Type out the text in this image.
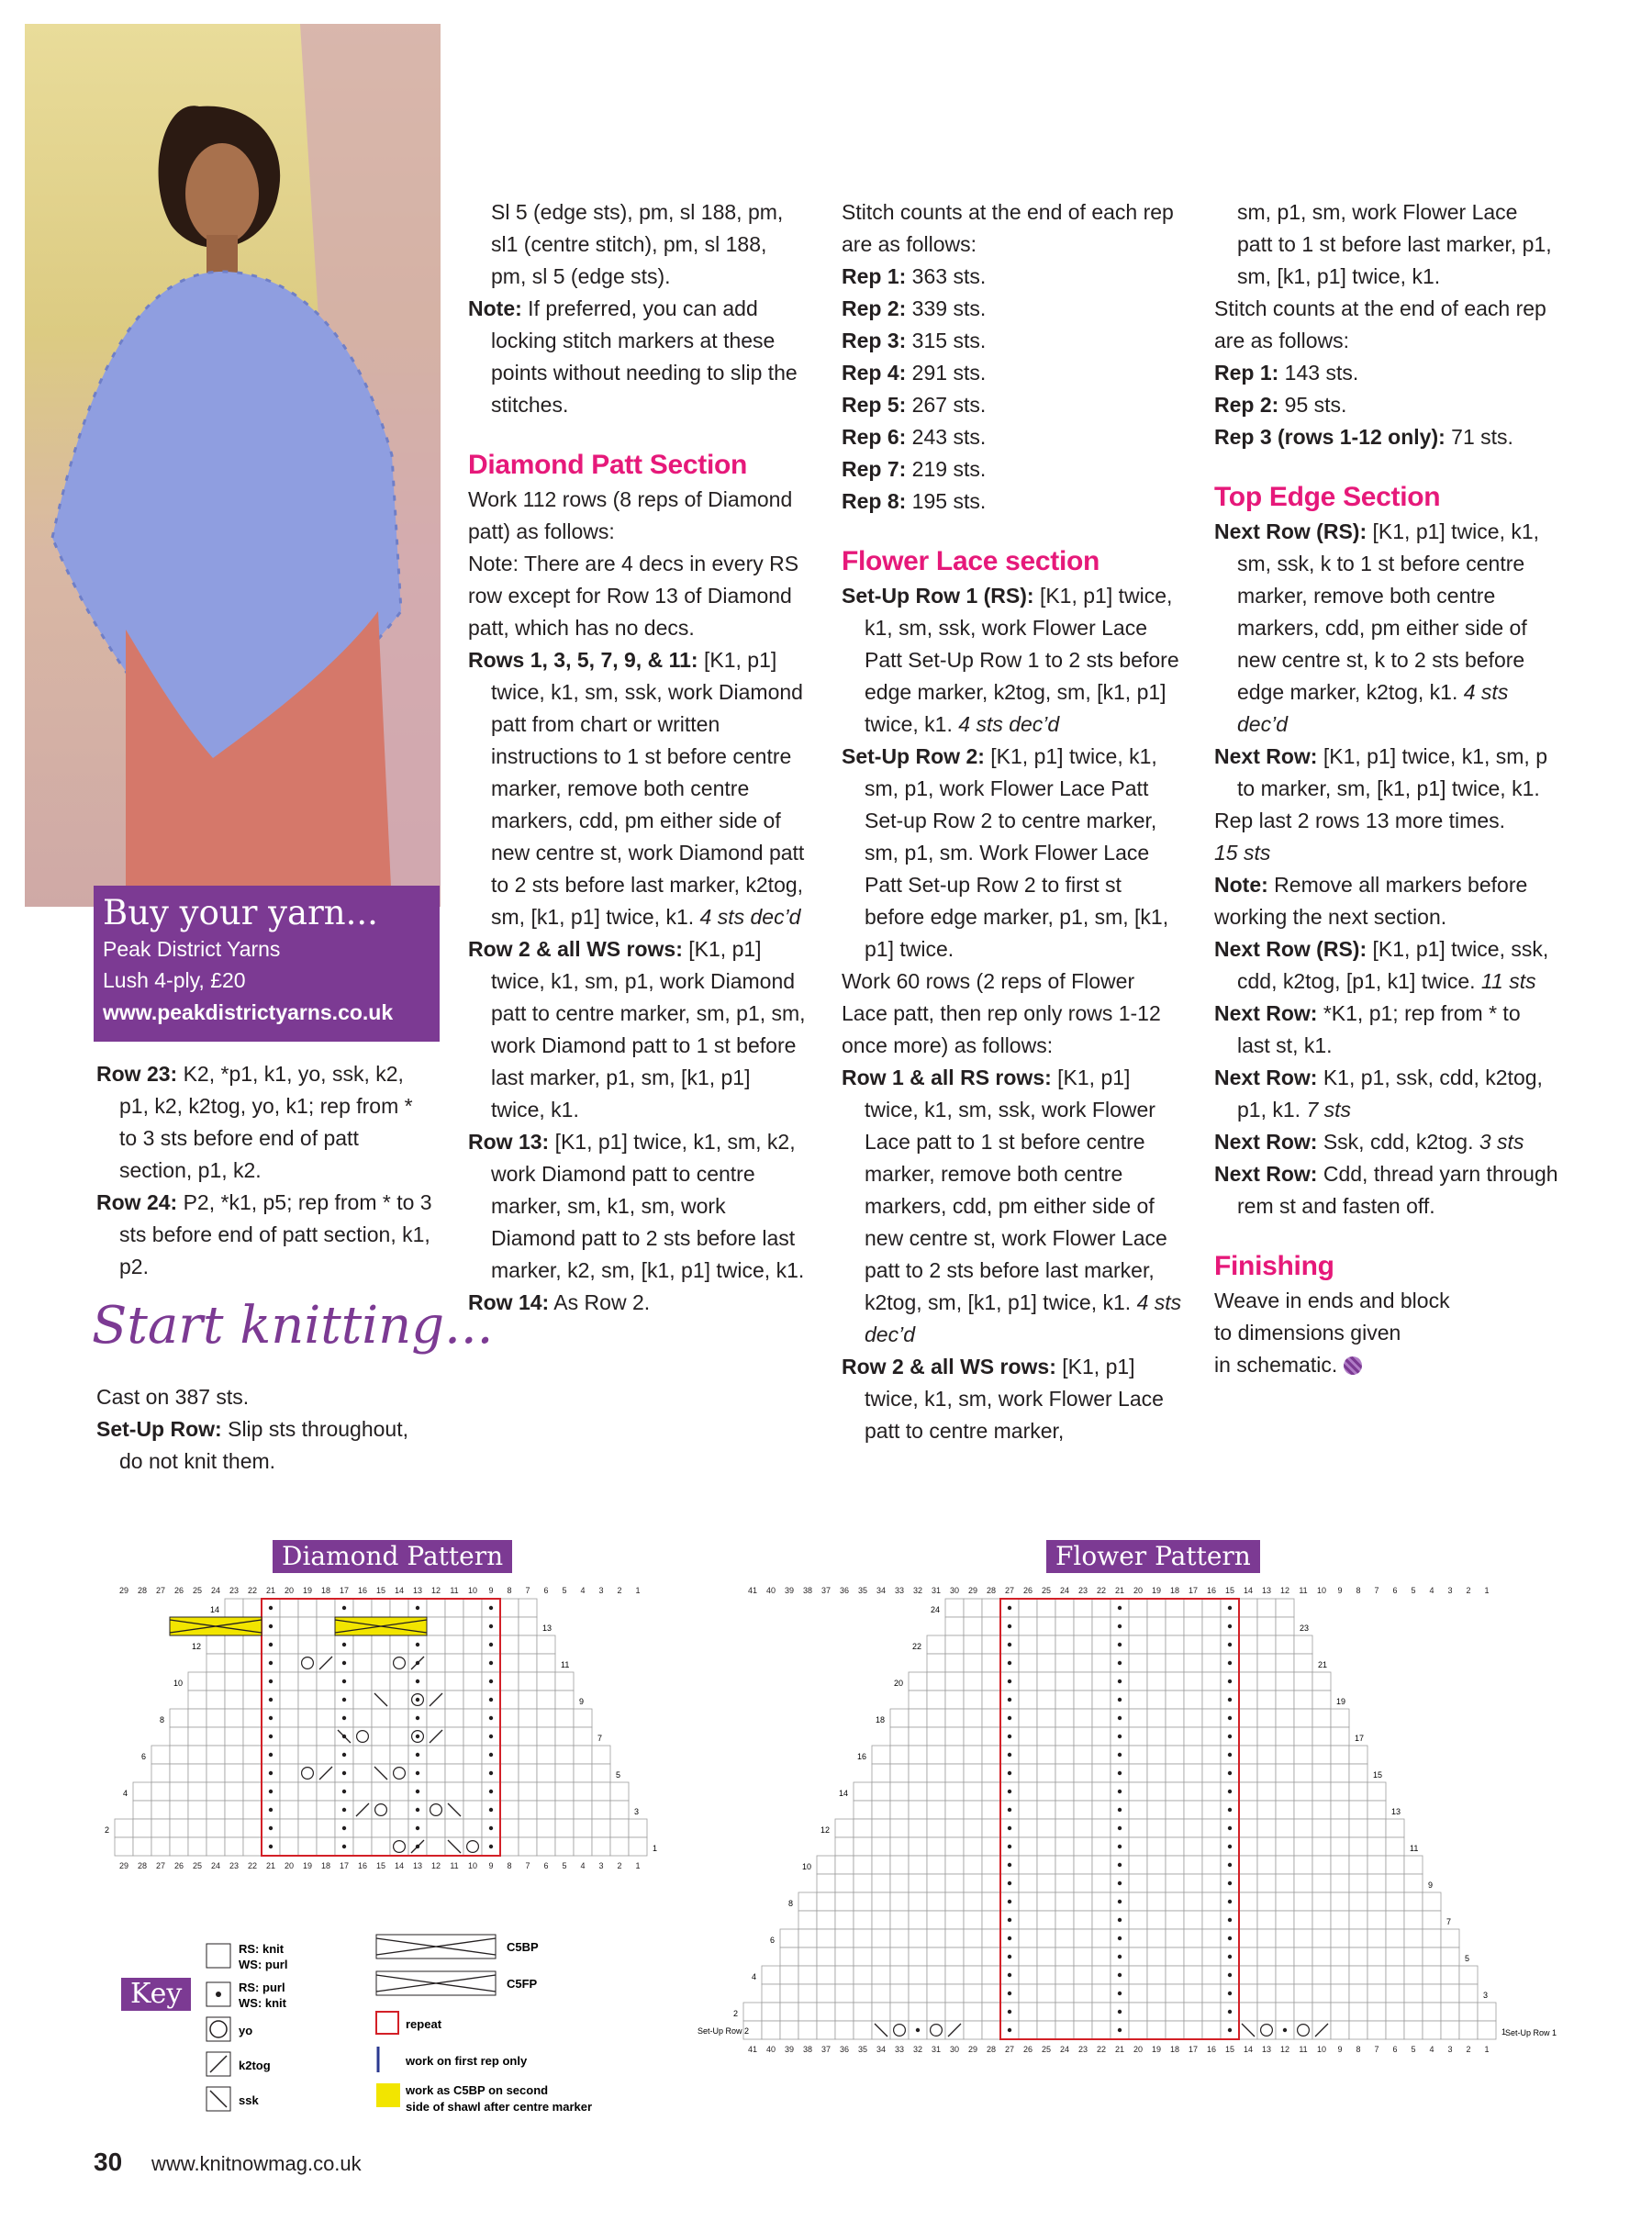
Buy your yarn...
Peak District Yarns
Lush 4-ply, £20
www.peakdistrictyarns.co.uk

Row 23: K2, *p1, k1, yo, ssk, k2, p1, k2, k2tog, yo, k1; rep from * to 3 sts before end of patt section, p1, k2.

Row 24: P2, *k1, p5; rep from * to 3 sts before end of patt section, k1, p2.

Start knitting...

Cast on 387 sts.

Set-Up Row: Slip sts throughout, do not knit them.

Sl 5 (edge sts), pm, sl 188, pm, sl1 (centre stitch), pm, sl 188, pm, sl 5 (edge sts).

Note: If preferred, you can add locking stitch markers at these points without needing to slip the stitches.

Diamond Patt Section

Work 112 rows (8 reps of Diamond patt) as follows:

Note: There are 4 decs in every RS row except for Row 13 of Diamond patt, which has no decs.

Rows 1, 3, 5, 7, 9, & 11: [K1, p1] twice, k1, sm, ssk, work Diamond patt from chart or written instructions to 1 st before centre marker, remove both centre markers, cdd, pm either side of new centre st, work Diamond patt to 2 sts before last marker, k2tog, sm, [k1, p1] twice, k1. 4 sts dec’d

Row 2 & all WS rows: [K1, p1] twice, k1, sm, p1, work Diamond patt to centre marker, sm, p1, sm, work Diamond patt to 1 st before last marker, p1, sm, [k1, p1] twice, k1.

Row 13: [K1, p1] twice, k1, sm, k2, work Diamond patt to centre marker, sm, k1, sm, work Diamond patt to 2 sts before last marker, k2, sm, [k1, p1] twice, k1.

Row 14: As Row 2.

Stitch counts at the end of each rep are as follows:

Rep 1: 363 sts.

Rep 2: 339 sts.

Rep 3: 315 sts.

Rep 4: 291 sts.

Rep 5: 267 sts.

Rep 6: 243 sts.

Rep 7: 219 sts.

Rep 8: 195 sts.

Flower Lace section

Set-Up Row 1 (RS): [K1, p1] twice, k1, sm, ssk, work Flower Lace Patt Set-Up Row 1 to 2 sts before edge marker, k2tog, sm, [k1, p1] twice, k1. 4 sts dec’d

Set-Up Row 2: [K1, p1] twice, k1, sm, p1, work Flower Lace Patt Set-up Row 2 to centre marker, sm, p1, sm. Work Flower Lace Patt Set-up Row 2 to first st before edge marker, p1, sm, [k1, p1] twice.

Work 60 rows (2 reps of Flower Lace patt, then rep only rows 1-12 once more) as follows:

Row 1 & all RS rows: [K1, p1] twice, k1, sm, ssk, work Flower Lace patt to 1 st before centre marker, remove both centre markers, cdd, pm either side of new centre st, work Flower Lace patt to 2 sts before last marker, k2tog, sm, [k1, p1] twice, k1. 4 sts dec’d

Row 2 & all WS rows: [K1, p1] twice, k1, sm, work Flower Lace patt to centre marker,

sm, p1, sm, work Flower Lace patt to 1 st before last marker, p1, sm, [k1, p1] twice, k1.

Stitch counts at the end of each rep are as follows:

Rep 1: 143 sts.

Rep 2: 95 sts.

Rep 3 (rows 1-12 only): 71 sts.

Top Edge Section

Next Row (RS): [K1, p1] twice, k1, sm, ssk, k to 1 st before centre marker, remove both centre markers, cdd, pm either side of new centre st, k to 2 sts before edge marker, k2tog, k1. 4 sts dec’d

Next Row: [K1, p1] twice, k1, sm, p to marker, sm, [k1, p1] twice, k1.

Rep last 2 rows 13 more times.

15 sts

Note: Remove all markers before working the next section.

Next Row (RS): [K1, p1] twice, ssk, cdd, k2tog, [p1, k1] twice. 11 sts

Next Row: *K1, p1; rep from * to last st, k1.

Next Row: K1, p1, ssk, cdd, k2tog, p1, k1. 7 sts

Next Row: Ssk, cdd, k2tog. 3 sts

Next Row: Cdd, thread yarn through rem st and fasten off.

Finishing

Weave in ends and block

to dimensions given

in schematic.

Diamond Pattern	Flower Pattern
29 28 27 26 25 24 23 22 21 20 19 18 17 16 15 14 13 12 11 10 9 8 7 6 5 4 3 2 1
29 28 27 26 25 24 23 22 21 20 19 18 17 16 15 14 13 12 11 10 9 8 7 6 5 4 3 2 1
14
13
12
11
10
9
8
7
6
5
4
3
2
1
41 40 39 38 37 36 35 34 33 32 31 30 29 28 27 26 25 24 23 22 21 20 19 18 17 16 15 14 13 12 11 10 9 8 7 6 5 4 3 2 1
41 40 39 38 37 36 35 34 33 32 31 30 29 28 27 26 25 24 23 22 21 20 19 18 17 16 15 14 13 12 11 10 9 8 7 6 5 4 3 2 1
24
23
22
21
20
19
18
17
16
15
14
13
12
11
10
9
8
7
6
5
4
3
2
1
Set-Up Row 2	Set-Up Row 1
Key
RS: knit
WS: purl
RS: purl
WS: knit
yo
k2tog
ssk
C5BP
C5FP
repeat
work on first rep only
work as C5BP on second
side of shawl after centre marker
30 www.knitnowmag.co.uk
